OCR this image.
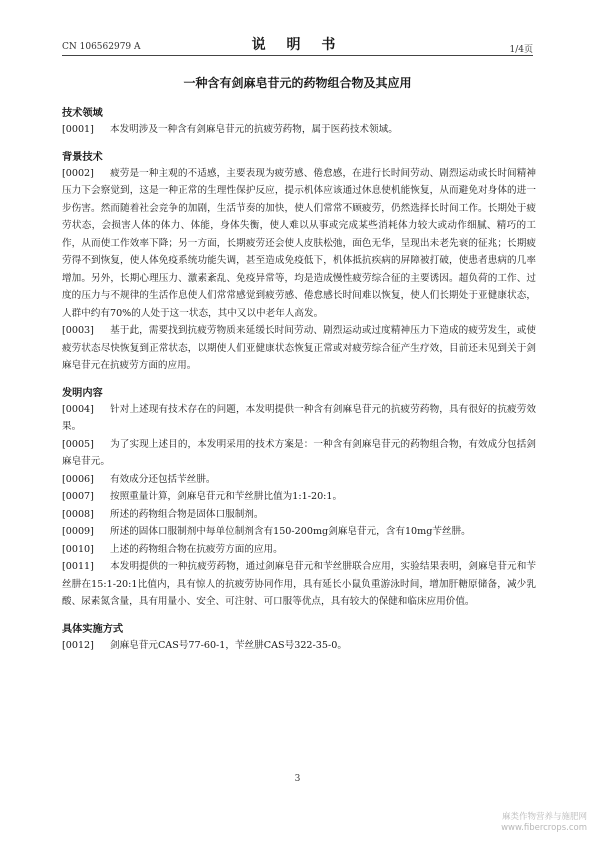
CN 106562979 A	说 明 书	1/4页
一种含有剑麻皂苷元的药物组合物及其应用
技术领域

[0001] 本发明涉及一种含有剑麻皂苷元的抗疲劳药物，属于医药技术领域。

背景技术

[0002] 疲劳是一种主观的不适感，主要表现为疲劳感、倦怠感，在进行长时间劳动、剧烈运动或长时间精神压力下会察觉到，这是一种正常的生理性保护反应，提示机体应该通过休息使机能恢复，从而避免对身体的进一步伤害。然而随着社会竞争的加剧，生活节奏的加快，使人们常常不顾疲劳，仍然选择长时间工作。长期处于疲劳状态，会损害人体的体力、体能，身体失衡，使人难以从事或完成某些消耗体力较大或动作细腻、精巧的工作，从而使工作效率下降；另一方面，长期疲劳还会使人皮肤松弛，面色无华，呈现出未老先衰的征兆；长期疲劳得不到恢复，使人体免疫系统功能失调，甚至造成免疫低下，机体抵抗疾病的屏障被打破，使患者患病的几率增加。另外，长期心理压力、激素紊乱、免疫异常等，均是造成慢性疲劳综合征的主要诱因。超负荷的工作、过度的压力与不规律的生活作息使人们常常感觉到疲劳感、倦怠感长时间难以恢复，使人们长期处于亚健康状态，人群中约有70%的人处于这一状态，其中又以中老年人高发。

[0003] 基于此，需要找到抗疲劳物质来延缓长时间劳动、剧烈运动或过度精神压力下造成的疲劳发生，或使疲劳状态尽快恢复到正常状态，以期使人们亚健康状态恢复正常或对疲劳综合征产生疗效，目前还未见到关于剑麻皂苷元在抗疲劳方面的应用。

发明内容

[0004] 针对上述现有技术存在的问题，本发明提供一种含有剑麻皂苷元的抗疲劳药物，具有很好的抗疲劳效果。

[0005] 为了实现上述目的，本发明采用的技术方案是：一种含有剑麻皂苷元的药物组合物，有效成分包括剑麻皂苷元。

[0006] 有效成分还包括苄丝肼。

[0007] 按照重量计算，剑麻皂苷元和苄丝肼比值为1:1-20:1。

[0008] 所述的药物组合物是固体口服制剂。

[0009] 所述的固体口服制剂中每单位制剂含有150-200mg剑麻皂苷元，含有10mg苄丝肼。

[0010] 上述的药物组合物在抗疲劳方面的应用。

[0011] 本发明提供的一种抗疲劳药物，通过剑麻皂苷元和苄丝肼联合应用，实验结果表明，剑麻皂苷元和苄丝肼在15:1-20:1比值内，具有惊人的抗疲劳协同作用，具有延长小鼠负重游泳时间，增加肝糖原储备，减少乳酸、尿素氮含量，具有用量小、安全、可注射、可口服等优点，具有较大的保健和临床应用价值。

具体实施方式

[0012] 剑麻皂苷元CAS号77-60-1，苄丝肼CAS号322-35-0。

3
麻类作物营养与施肥网
www.fibercrops.com
